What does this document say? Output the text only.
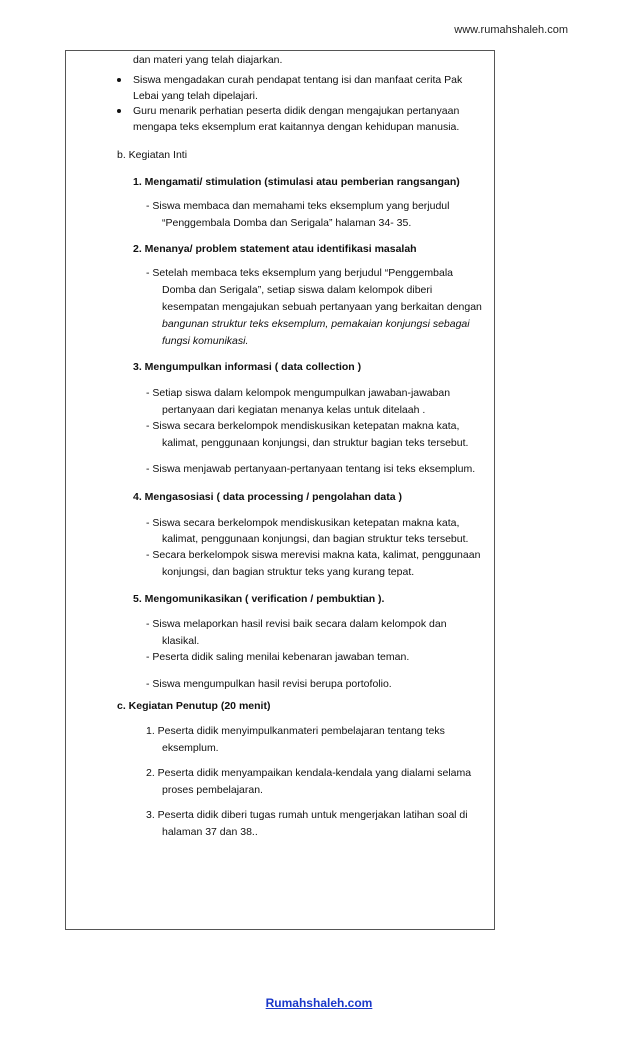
www.rumahshaleh.com
dan materi yang telah diajarkan.
Siswa mengadakan curah pendapat tentang isi dan manfaat cerita Pak
Lebai yang telah dipelajari.
Guru menarik perhatian peserta didik dengan mengajukan pertanyaan
mengapa teks eksemplum erat kaitannya dengan kehidupan manusia.
b. Kegiatan Inti
1. Mengamati/ stimulation (stimulasi atau pemberian rangsangan)
- Siswa membaca dan memahami teks eksemplum yang berjudul
“Penggembala Domba dan Serigala” halaman 34- 35.
2. Menanya/ problem statement atau identifikasi masalah
- Setelah membaca teks eksemplum yang berjudul “Penggembala
Domba dan Serigala”, setiap siswa dalam kelompok diberi
kesempatan mengajukan sebuah pertanyaan yang berkaitan dengan
bangunan struktur teks eksemplum, pemakaian konjungsi sebagai
fungsi komunikasi.
3. Mengumpulkan informasi ( data collection )
- Setiap siswa dalam kelompok mengumpulkan jawaban-jawaban
pertanyaan dari kegiatan menanya kelas untuk ditelaah .
- Siswa secara berkelompok mendiskusikan ketepatan makna kata,
kalimat, penggunaan konjungsi, dan struktur bagian teks tersebut.
- Siswa menjawab pertanyaan-pertanyaan tentang isi teks eksemplum.
4. Mengasosiasi ( data processing / pengolahan data )
- Siswa secara berkelompok mendiskusikan ketepatan makna kata,
kalimat, penggunaan konjungsi, dan bagian struktur teks tersebut.
- Secara berkelompok siswa merevisi makna kata, kalimat, penggunaan
konjungsi, dan bagian struktur teks yang kurang tepat.
5. Mengomunikasikan ( verification / pembuktian ).
- Siswa melaporkan hasil revisi baik secara dalam kelompok dan
klasikal.
- Peserta didik saling menilai kebenaran jawaban teman.
- Siswa mengumpulkan hasil revisi berupa portofolio.
c. Kegiatan Penutup (20 menit)
1. Peserta didik menyimpulkanmateri pembelajaran tentang teks
eksemplum.
2. Peserta didik menyampaikan kendala-kendala yang dialami selama
proses pembelajaran.
3. Peserta didik diberi tugas rumah untuk mengerjakan latihan soal di
halaman 37 dan 38..
Rumahshaleh.com
